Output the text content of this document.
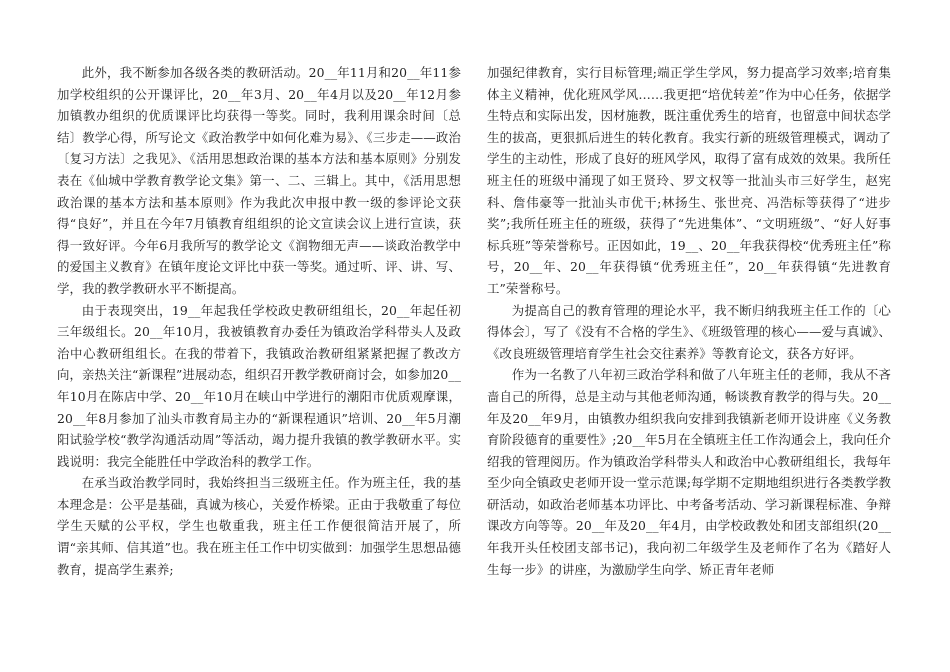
此外，我不断参加各级各类的教研活动。20__年11月和20__年11参加学校组织的公开课评比，20__年3月、20__年4月以及20__年12月参加镇教办组织的优质课评比均获得一等奖。同时，我利用课余时间〔总结〕教学心得，所写论文《政治教学中如何化难为易》、《三步走——政治〔复习方法〕之我见》、《活用思想政治课的基本方法和基本原则》分别发表在《仙城中学教育教学论文集》第一、二、三辑上。其中，《活用思想政治课的基本方法和基本原则》作为我此次申报中教一级的参评论文获得“良好”，并且在今年7月镇教育组组织的论文宣读会议上进行宣读，获得一致好评。今年6月我所写的教学论文《润物细无声——谈政治教学中的爱国主义教育》在镇年度论文评比中获一等奖。通过听、评、讲、写、学，我的教学教研水平不断提高。

由于表现突出，19__年起我任学校政史教研组组长，20__年起任初三年级组长。20__年10月，我被镇教育办委任为镇政治学科带头人及政治中心教研组组长。在我的带着下，我镇政治教研组紧紧把握了教改方向，亲热关注“新课程”进展动态，组织召开教学教研商讨会，如参加20__年10月在陈店中学、20__年10月在峡山中学进行的潮阳市优质观摩课，20__年8月参加了汕头市教育局主办的“新课程通识”培训、20__年5月潮阳试验学校“教学沟通活动周”等活动，竭力提升我镇的教学教研水平。实践说明：我完全能胜任中学政治科的教学工作。

在承当政治教学同时，我始终担当三级班主任。作为班主任，我的基本理念是：公平是基础，真诚为核心，关爱作桥梁。正由于我敬重了每位学生天赋的公平权，学生也敬重我，班主任工作便很简洁开展了，所谓“亲其师、信其道”也。我在班主任工作中切实做到：加强学生思想品德教育，提高学生素养;

加强纪律教育，实行目标管理;端正学生学风，努力提高学习效率;培育集体主义精神，优化班风学风……我更把“培优转差”作为中心任务，依据学生特点和实际出发，因材施教，既注重优秀生的培育，也留意中间状态学生的拔高，更狠抓后进生的转化教育。我实行新的班级管理模式，调动了学生的主动性，形成了良好的班风学风，取得了富有成效的效果。我所任班主任的班级中涌现了如王贤玲、罗文权等一批汕头市三好学生，赵宪科、詹伟豪等一批汕头市优干;林扬生、张世亮、冯浩标等获得了“进步奖”;我所任班主任的班级，获得了“先进集体”、“文明班级”、“好人好事标兵班”等荣誉称号。正因如此，19__、20__年我获得校“优秀班主任”称号，20__年、20__年获得镇“优秀班主任”，20__年获得镇“先进教育工”荣誉称号。

为提高自己的教育管理的理论水平，我不断归纳我班主任工作的〔心得体会〕，写了《没有不合格的学生》、《班级管理的核心——爱与真诚》、《改良班级管理培育学生社会交往素养》等教育论文，获各方好评。

作为一名教了八年初三政治学科和做了八年班主任的老师，我从不吝啬自己的所得，总是主动与其他老师沟通，畅谈教育教学的得与失。20__年及20__年9月，由镇教办组织我向安排到我镇新老师开设讲座《义务教育阶段德育的重要性》;20__年5月在全镇班主任工作沟通会上，我向任介绍我的管理阅历。作为镇政治学科带头人和政治中心教研组组长，我每年至少向全镇政史老师开设一堂示范课;每学期不定期地组织进行各类教学教研活动，如政治老师基本功评比、中考备考活动、学习新课程标准、争辩课改方向等等。20__年及20__年4月，由学校政教处和团支部组织(20__年我开头任校团支部书记)，我向初二年级学生及老师作了名为《踏好人生每一步》的讲座，为激励学生向学、矫正青年老师
